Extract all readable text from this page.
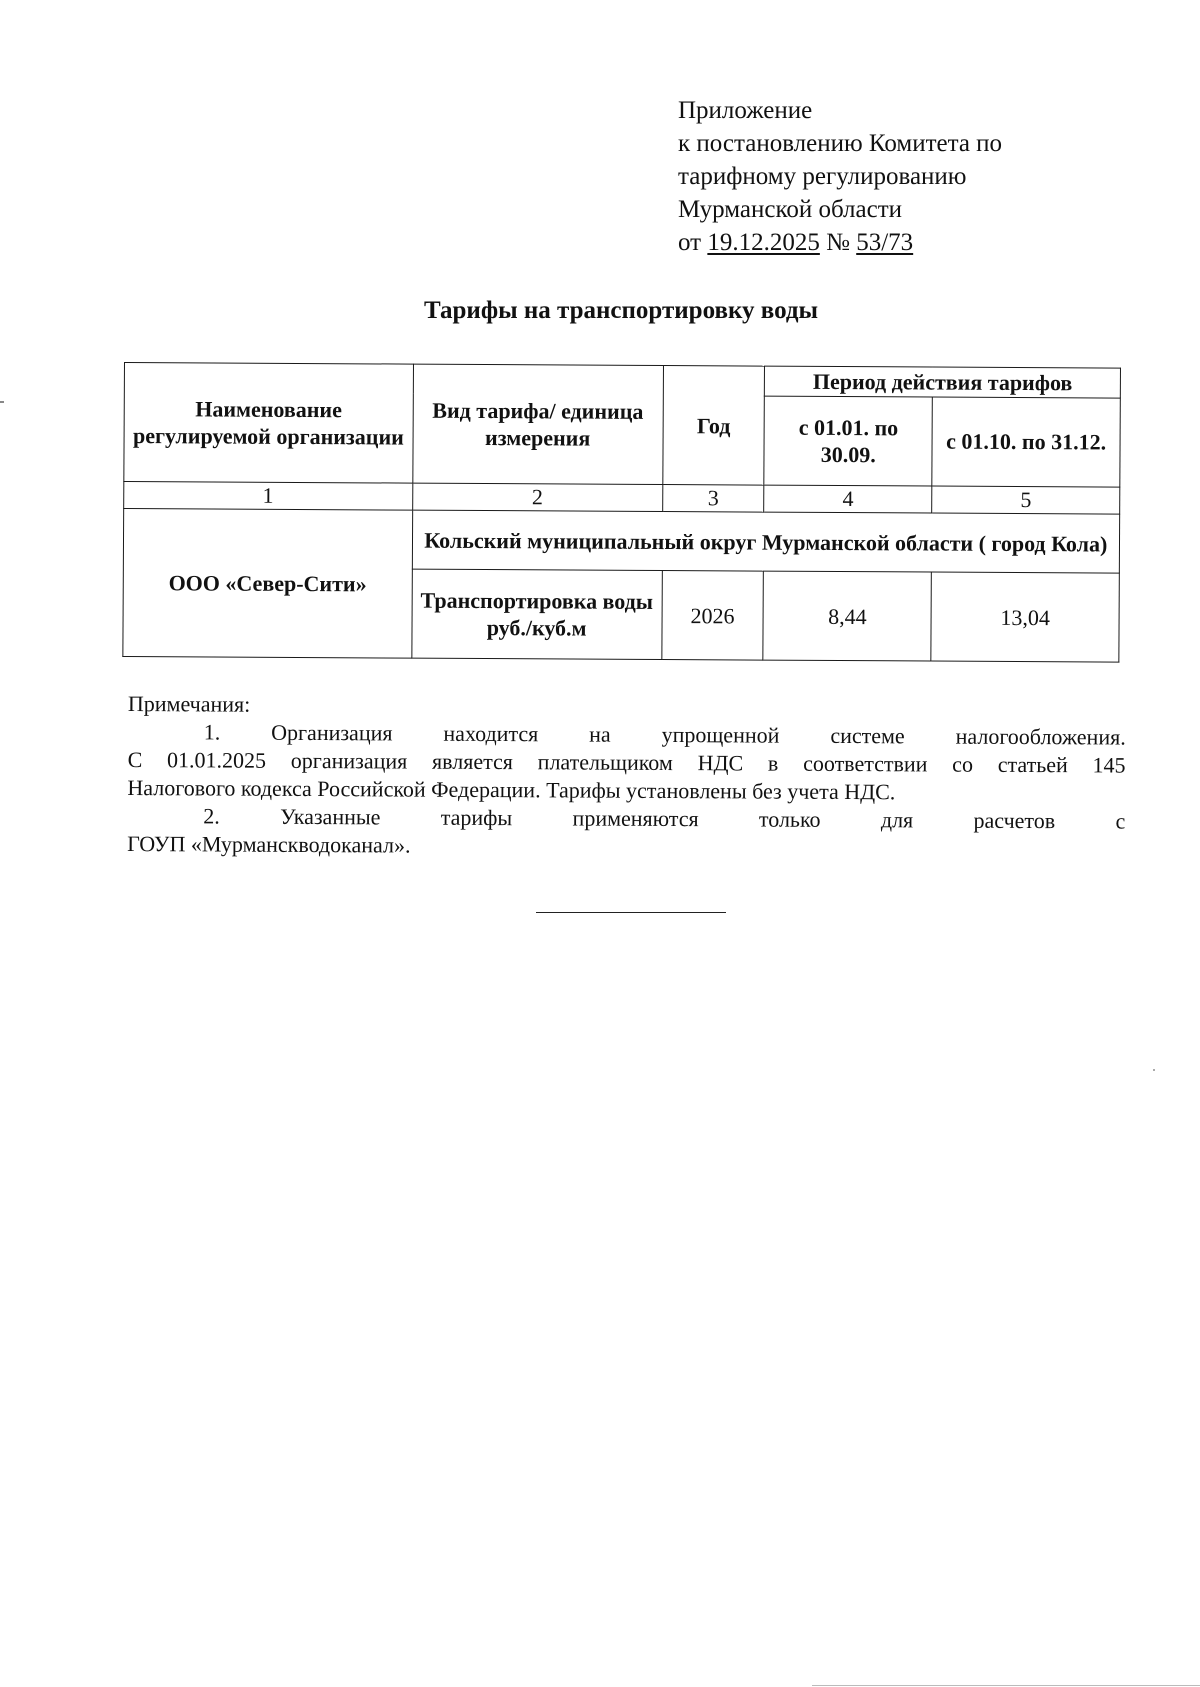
Приложение
к постановлению Комитета по
тарифному регулированию
Мурманской области
от 19.12.2025 № 53/73
Тарифы на транспортировку воды
Наименование регулируемой организации	Вид тарифа/ единица измерения	Год	Период действия тарифов	
			с 01.01. по 30.09.	с 01.10. по 31.12.
1	2	3	4	5
ООО «Север-Сити»	Кольский муниципальный округ Мурманской области ( город Кола)			
	Транспортировка воды руб./куб.м	2026	8,44	13,04
Примечания:
1. Организация находится на упрощенной системе налогообложения.
С 01.01.2025 организация является плательщиком НДС в соответствии со статьей 145
Налогового кодекса Российской Федерации. Тарифы установлены без учета НДС.
2. Указанные тарифы применяются только для расчетов с
ГОУП «Мурманскводоканал».
